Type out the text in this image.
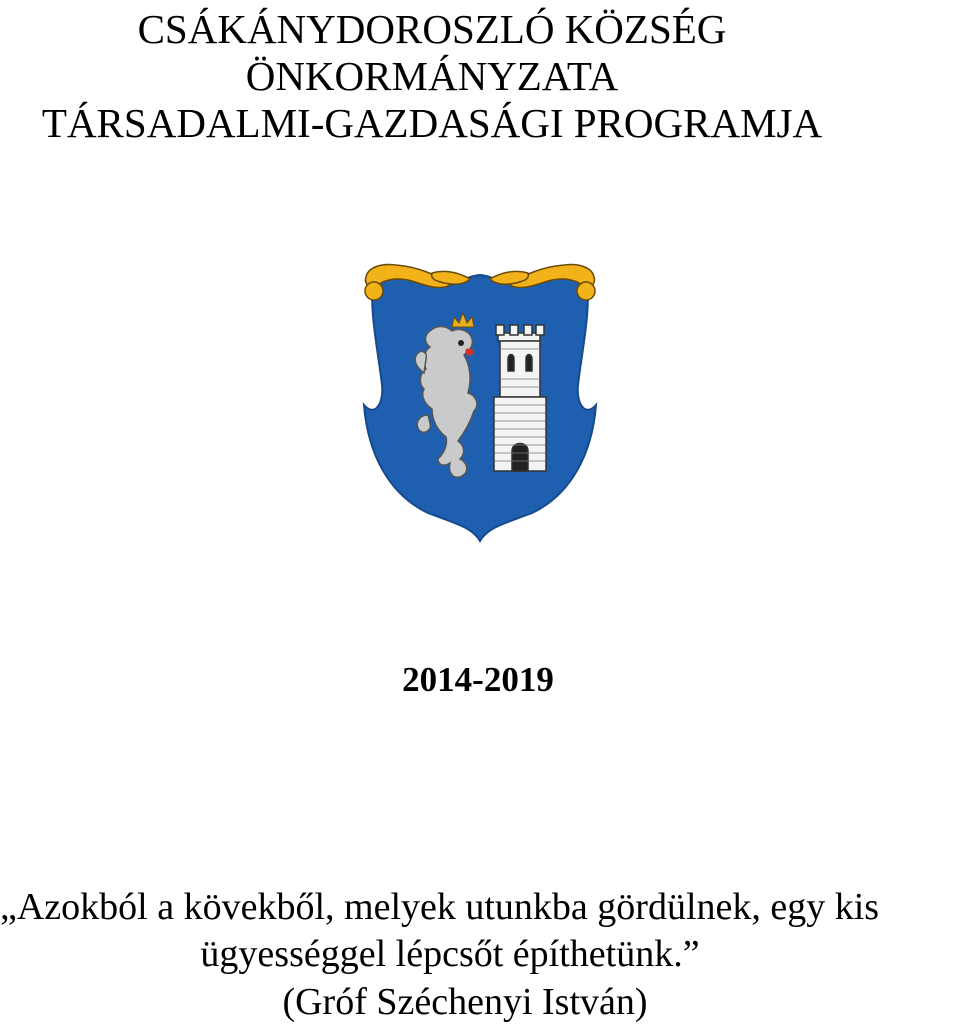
CSÁKÁNYDOROSZLÓ KÖZSÉG
ÖNKORMÁNYZATA
TÁRSADALMI-GAZDASÁGI PROGRAMJA
2014-2019
„Azokból a kövekből, melyek utunkba gördülnek, egy kis
ügyességgel lépcsőt építhetünk.”
(Gróf Széchenyi István)
